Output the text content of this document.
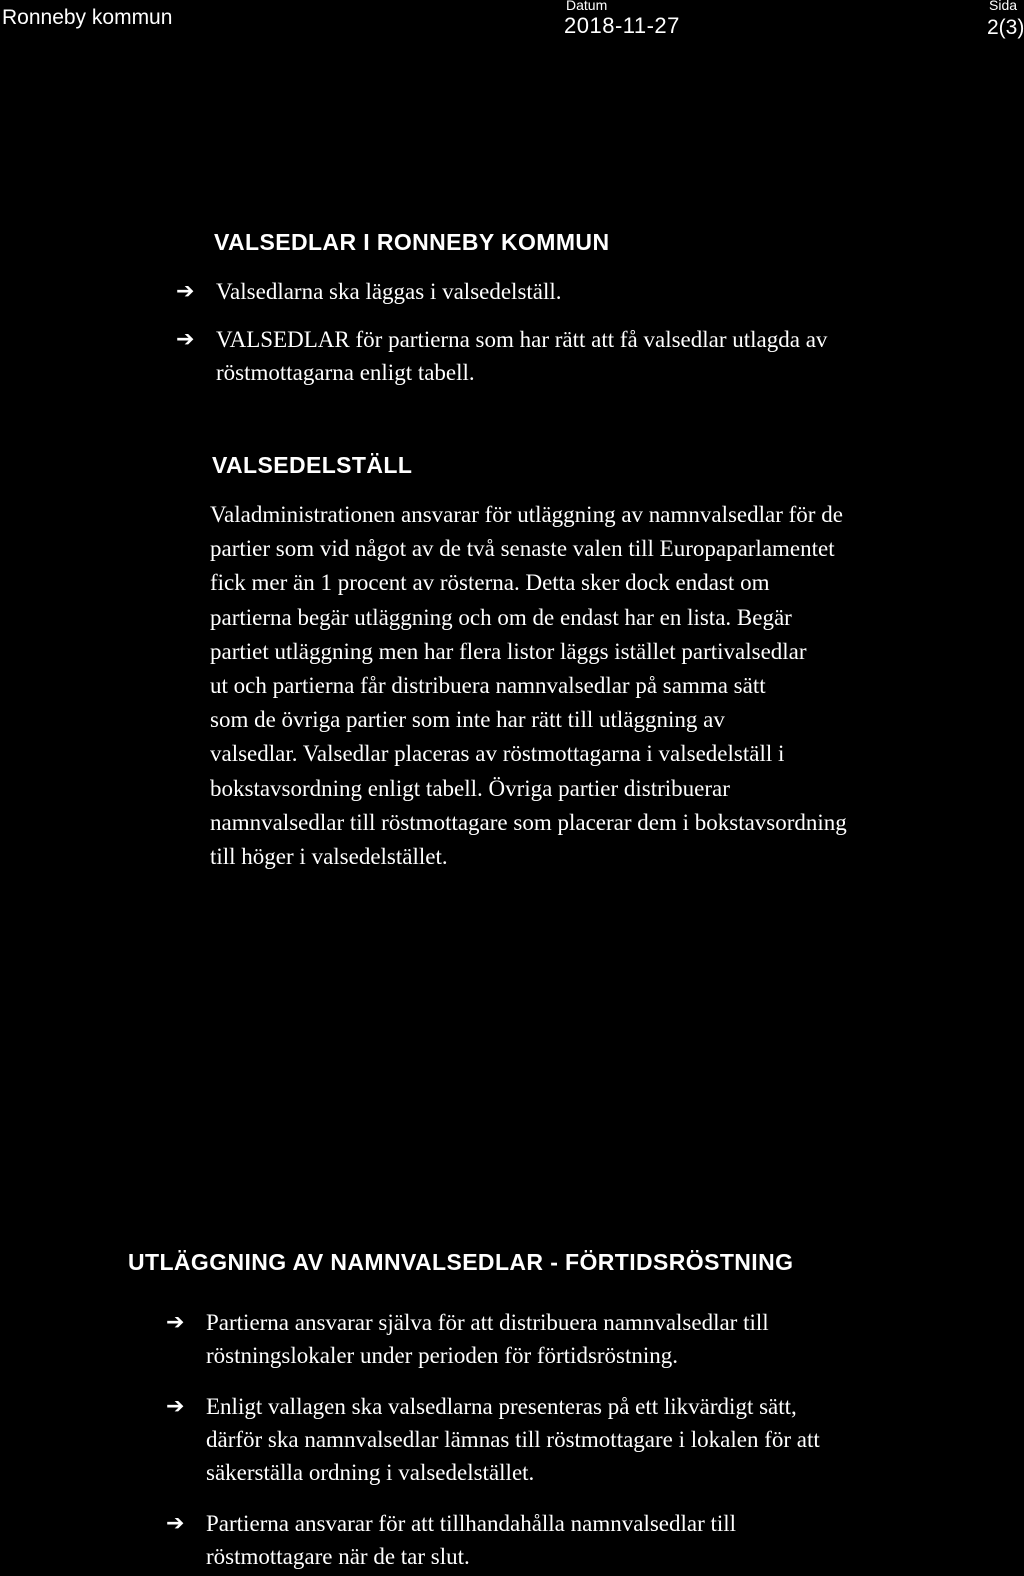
Ronneby kommun
Datum
2018-11-27
Sida
2(3)
VALSEDLAR I RONNEBY KOMMUN
➔ Valsedlarna ska läggas i valsedelställ.
➔ VALSEDLAR för partierna som har rätt att få valsedlar utlagda av
röstmottagarna enligt tabell.
VALSEDELSTÄLL
Valadministrationen ansvarar för utläggning av namnvalsedlar för de
partier som vid något av de två senaste valen till Europaparlamentet
fick mer än 1 procent av rösterna. Detta sker dock endast om
partierna begär utläggning och om de endast har en lista. Begär
partiet utläggning men har flera listor läggs istället partivalsedlar
ut och partierna får distribuera namnvalsedlar på samma sätt
som de övriga partier som inte har rätt till utläggning av
valsedlar. Valsedlar placeras av röstmottagarna i valsedelställ i
bokstavsordning enligt tabell. Övriga partier distribuerar
namnvalsedlar till röstmottagare som placerar dem i bokstavsordning
till höger i valsedelstället.
UTLÄGGNING AV NAMNVALSEDLAR - FÖRTIDSRÖSTNING
➔ Partierna ansvarar själva för att distribuera namnvalsedlar till
röstningslokaler under perioden för förtidsröstning.
➔ Enligt vallagen ska valsedlarna presenteras på ett likvärdigt sätt,
därför ska namnvalsedlar lämnas till röstmottagare i lokalen för att
säkerställa ordning i valsedelstället.
➔ Partierna ansvarar för att tillhandahålla namnvalsedlar till
röstmottagare när de tar slut.
